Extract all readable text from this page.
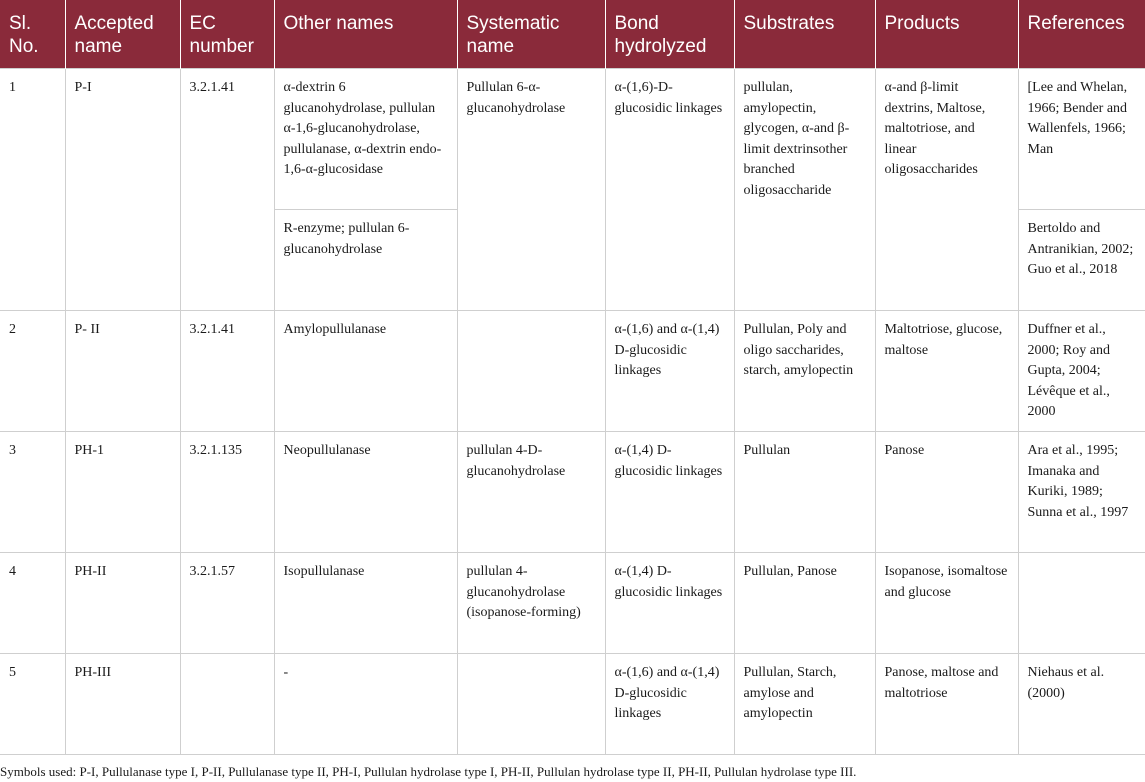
Sl. No.	Accepted name	EC number	Other names	Systematic name	Bond hydrolyzed	Substrates	Products	References
1	P-I	3.2.1.41	α-dextrin 6 glucanohydrolase, pullulan α-1,6-glucanohydrolase, pullulanase, α-dextrin endo-1,6-α-glucosidase	Pullulan 6-α-glucanohydrolase	α-(1,6)-D-glucosidic linkages	pullulan, amylopectin, glycogen, α-and β-limit dextrinsother branched oligosaccharide	α-and β-limit dextrins, Maltose, maltotriose, and linear oligosaccharides	[Lee and Whelan, 1966; Bender and Wallenfels, 1966; Man
			R-enzyme; pullulan 6-glucanohydrolase					Bertoldo and Antranikian, 2002; Guo et al., 2018
2	P- II	3.2.1.41	Amylopullulanase		α-(1,6) and α-(1,4) D-glucosidic linkages	Pullulan, Poly and oligo saccharides, starch, amylopectin	Maltotriose, glucose, maltose	Duffner et al., 2000; Roy and Gupta, 2004; Lévêque et al., 2000
3	PH-1	3.2.1.135	Neopullulanase	pullulan 4-D-glucanohydrolase	α-(1,4) D-glucosidic linkages	Pullulan	Panose	Ara et al., 1995; Imanaka and Kuriki, 1989; Sunna et al., 1997
4	PH-II	3.2.1.57	Isopullulanase	pullulan 4-glucanohydrolase (isopanose-forming)	α-(1,4) D-glucosidic linkages	Pullulan, Panose	Isopanose, isomaltose and glucose	
5	PH-III		-		α-(1,6) and α-(1,4) D-glucosidic linkages	Pullulan, Starch, amylose and amylopectin	Panose, maltose and maltotriose	Niehaus et al. (2000)
Symbols used: P-I, Pullulanase type I, P-II, Pullulanase type II, PH-I, Pullulan hydrolase type I, PH-II, Pullulan hydrolase type II, PH-II, Pullulan hydrolase type III.
